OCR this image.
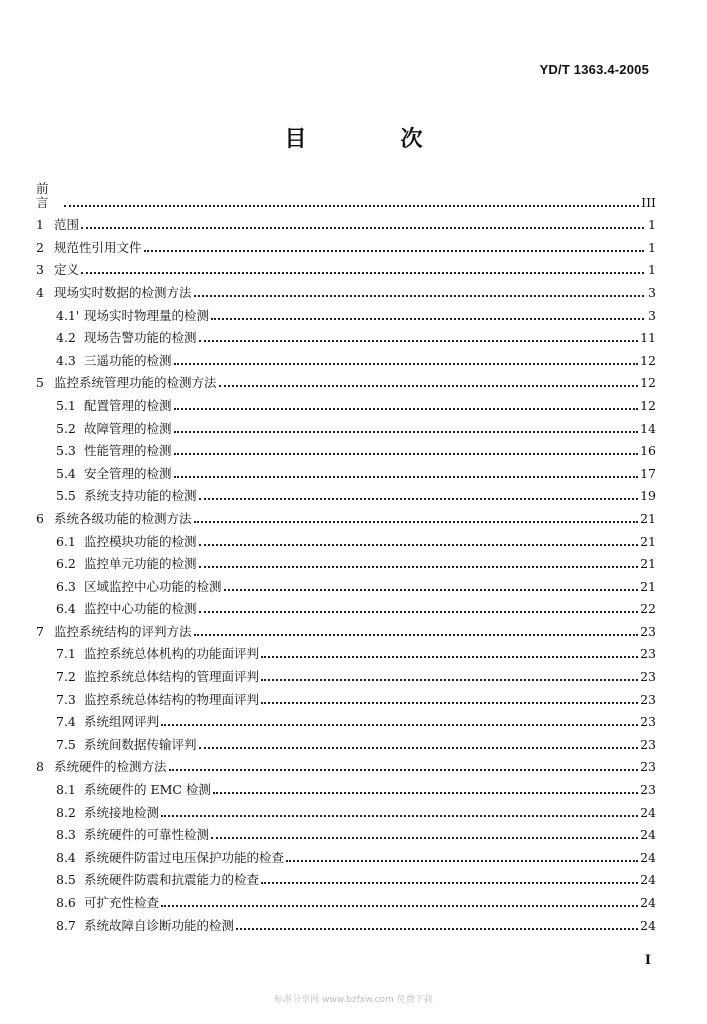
YD/T 1363.4-2005
目　次
前言	III
1 范围	1
2 规范性引用文件	1
3 定义	1
4 现场实时数据的检测方法	3
4.1' 现场实时物理量的检测	3
4.2 现场告警功能的检测	11
4.3 三遥功能的检测	12
5 监控系统管理功能的检测方法	12
5.1 配置管理的检测	12
5.2 故障管理的检测	14
5.3 性能管理的检测	16
5.4 安全管理的检测	17
5.5 系统支持功能的检测	19
6 系统各级功能的检测方法	21
6.1 监控模块功能的检测	21
6.2 监控单元功能的检测	21
6.3 区域监控中心功能的检测	21
6.4 监控中心功能的检测	22
7 监控系统结构的评判方法	23
7.1 监控系统总体机构的功能面评判	23
7.2 监控系统总体结构的管理面评判	23
7.3 监控系统总体结构的物理面评判	23
7.4 系统组网评判	23
7.5 系统间数据传输评判	23
8 系统硬件的检测方法	23
8.1 系统硬件的 EMC 检测	23
8.2 系统接地检测	24
8.3 系统硬件的可靠性检测	24
8.4 系统硬件防雷过电压保护功能的检查	24
8.5 系统硬件防震和抗震能力的检查	24
8.6 可扩充性检查	24
8.7 系统故障自诊断功能的检测	24
I
标准分享网 www.bzfxw.com 免费下载
